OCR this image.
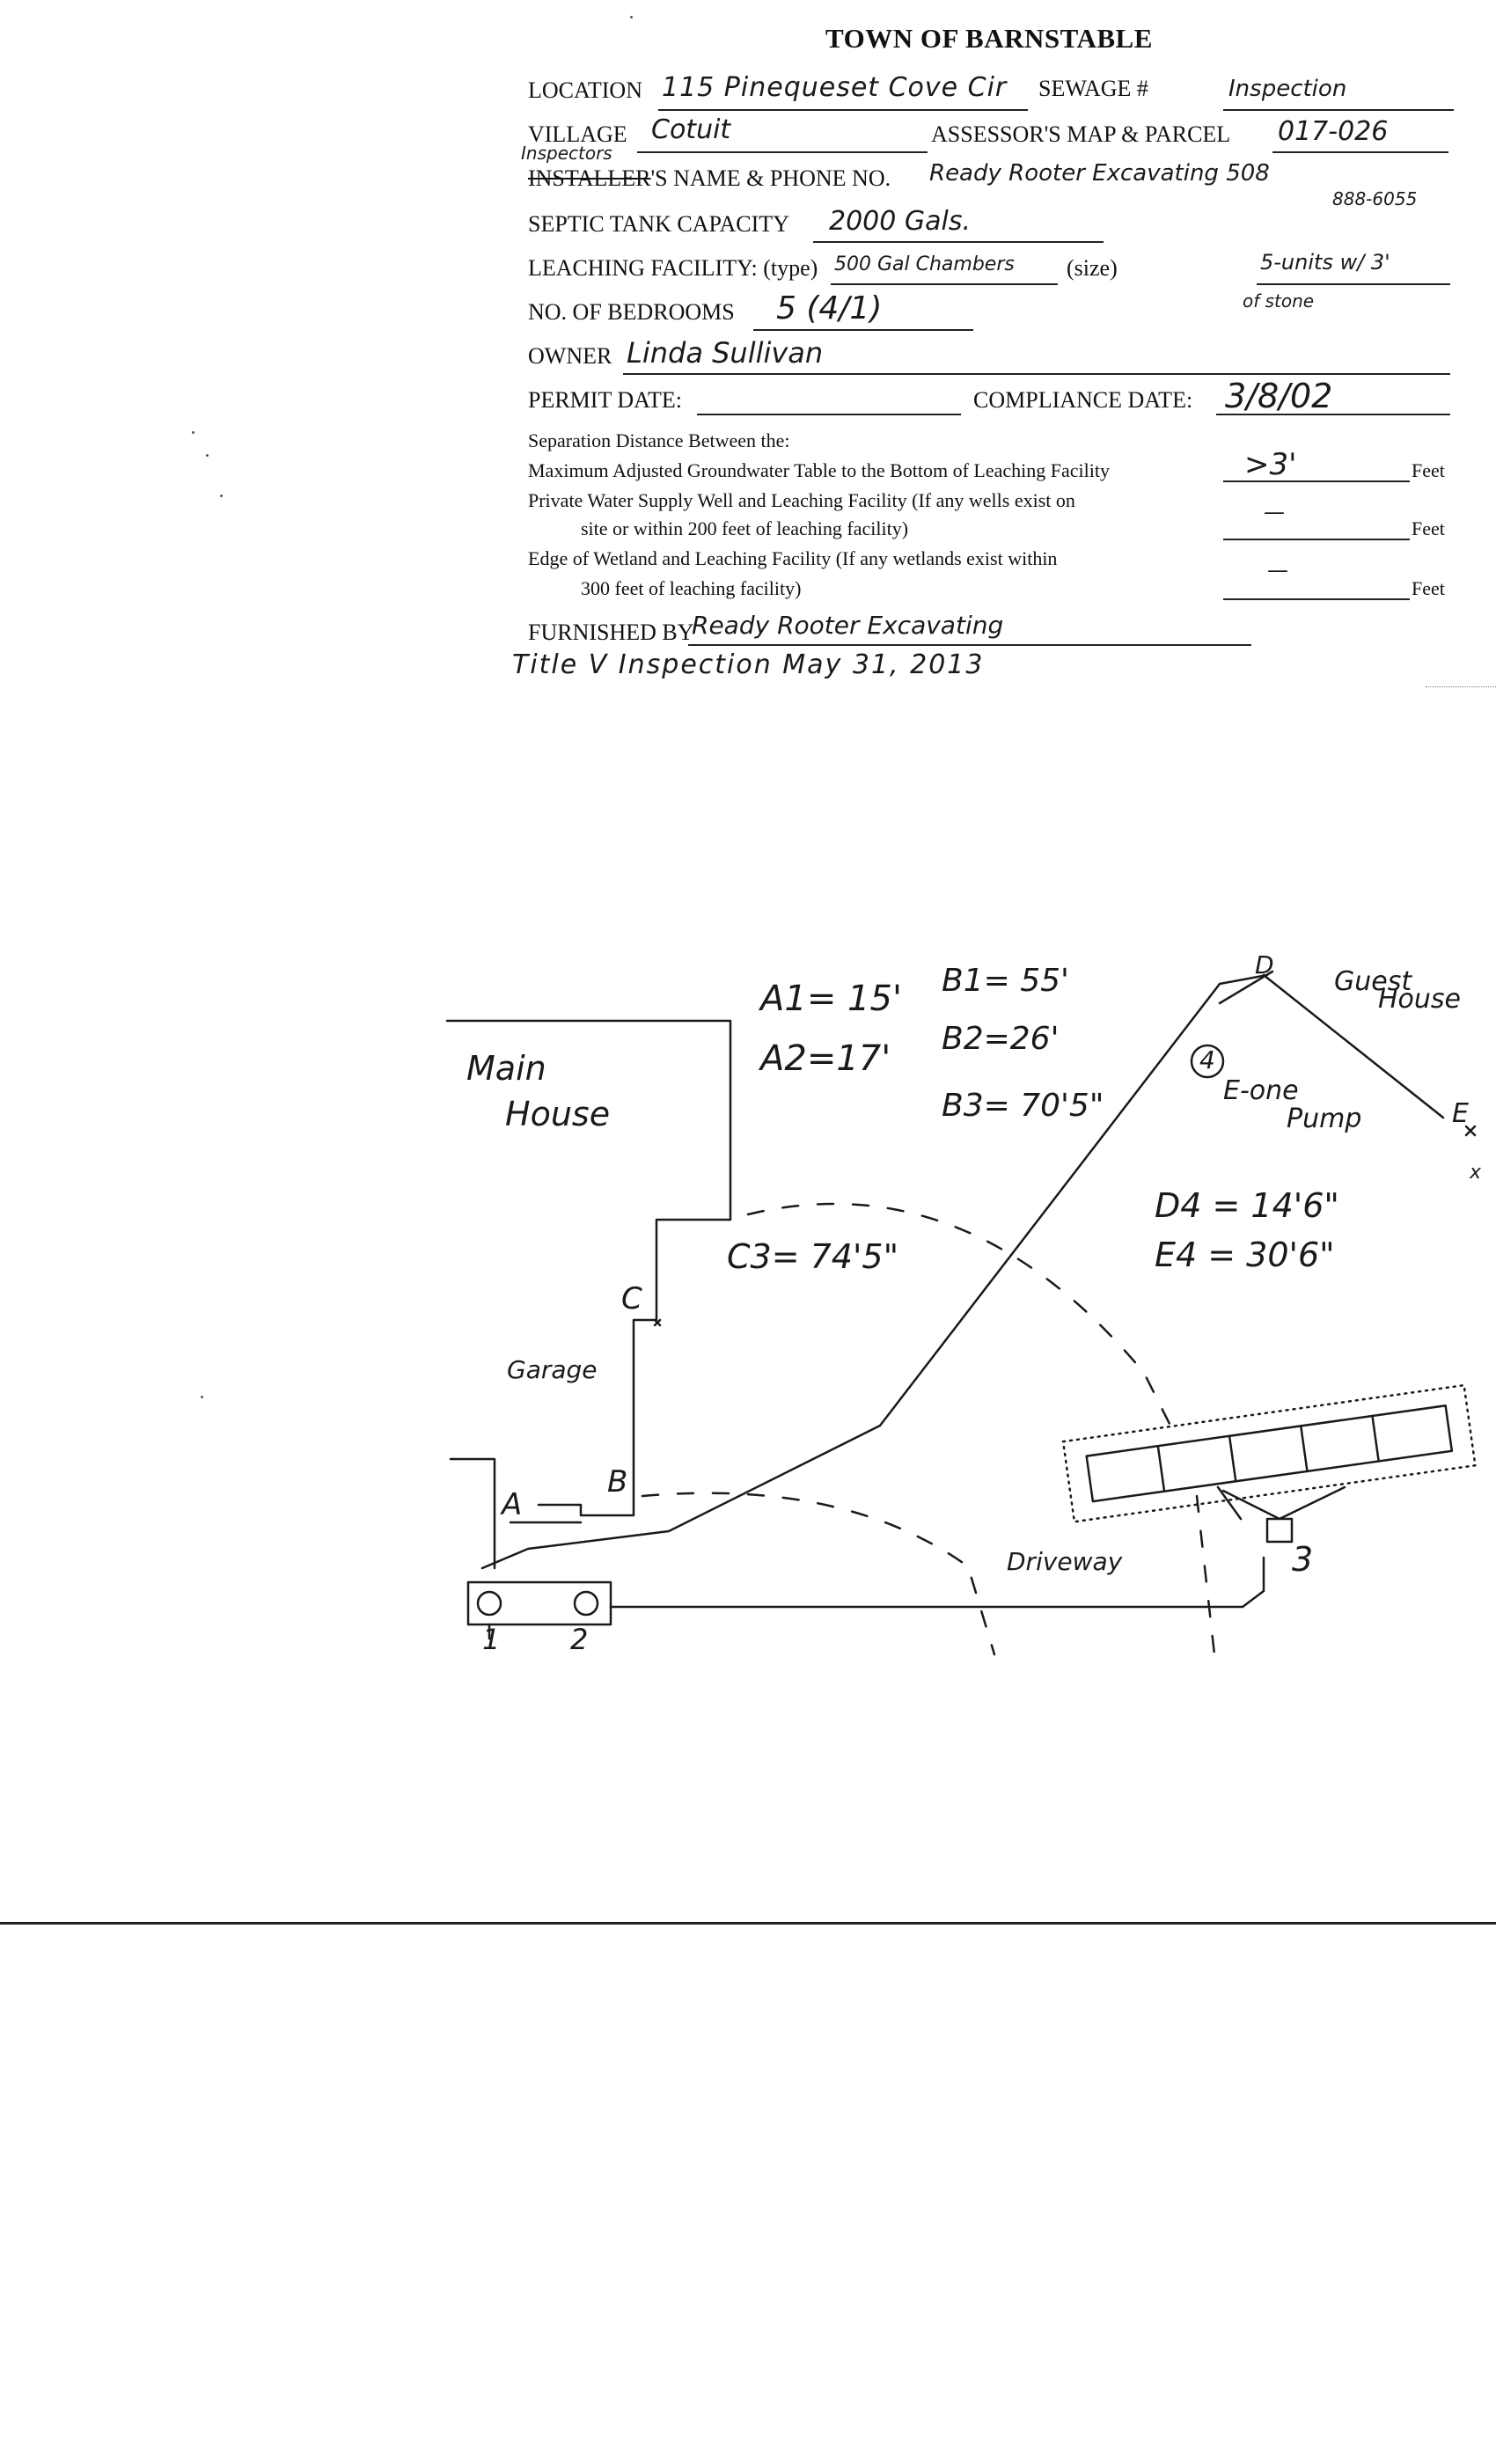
TOWN OF BARNSTABLE
LOCATION 115 Pinequeset Cove Cir SEWAGE #	Inspection
VILLAGE Cotuit	ASSESSOR'S MAP & PARCEL 017-026
Inspectors
INSTALLER'S NAME & PHONE NO. Ready Rooter Excavating 508
888-6055
SEPTIC TANK CAPACITY 2000 Gals.
LEACHING FACILITY: (type) 500 Gal Chambers (size)	5-units w/ 3'
of stone
NO. OF BEDROOMS 5 (4/1)
OWNER Linda Sullivan
PERMIT DATE:	COMPLIANCE DATE: 3/8/02
Separation Distance Between the:
Maximum Adjusted Groundwater Table to the Bottom of Leaching Facility	>3'	Feet
Private Water Supply Well and Leaching Facility (If any wells exist on
site or within 200 feet of leaching facility)
—
Feet
Edge of Wetland and Leaching Facility (If any wetlands exist within
300 feet of leaching facility)
—
Feet
FURNISHED BY
Ready Rooter Excavating
Title V Inspection May 31, 2013
Main
House
Garage
Driveway
Guest
House
E-one
Pump
A1= 15'
A2=17'
B1= 55'
B2=26'
B3= 70'5"
C3= 74'5"
D4 = 14'6"
E4 = 30'6"
A
B
C
D
E
x
1 2
3
4
